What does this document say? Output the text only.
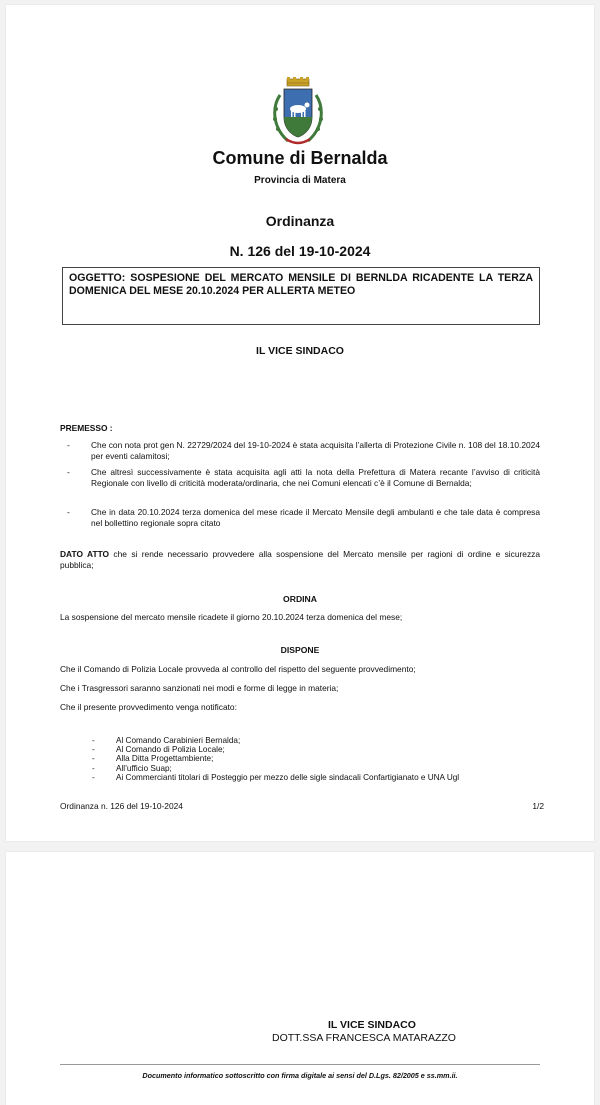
Comune di Bernalda
Provincia di Matera
Ordinanza
N. 126 del 19-10-2024
OGGETTO: SOSPESIONE DEL MERCATO MENSILE DI BERNLDA RICADENTE LA TERZA DOMENICA DEL MESE 20.10.2024 PER ALLERTA METEO
IL VICE SINDACO
PREMESSO :
-	Che con nota prot gen N. 22729/2024 del 19-10-2024 è stata acquisita l’allerta di Protezione Civile n. 108 del 18.10.2024 per eventi calamitosi;
-	Che altresì successivamente è stata acquisita agli atti la nota della Prefettura di Matera recante l’avviso di criticità Regionale con livello di criticità moderata/ordinaria, che nei Comuni elencati c’è il Comune di Bernalda;
-	Che in data 20.10.2024 terza domenica del mese ricade il Mercato Mensile degli ambulanti e che tale data è compresa nel bollettino regionale sopra citato
DATO ATTO che si rende necessario provvedere alla sospensione del Mercato mensile per ragioni di ordine e sicurezza pubblica;
ORDINA
La sospensione del mercato mensile ricadete il giorno 20.10.2024 terza domenica del mese;
DISPONE
Che il Comando di Polizia Locale provveda al controllo del rispetto del seguente provvedimento;
Che i Trasgressori saranno sanzionati nei modi e forme di legge in materia;
Che il presente provvedimento venga notificato:
-	Al Comando Carabinieri Bernalda;
-	Al Comando di Polizia Locale;
-	Alla Ditta Progettambiente;
-	All’ufficio Suap;
-	Ai Commercianti titolari di Posteggio per mezzo delle sigle sindacali Confartigianato e UNA Ugl
Ordinanza n. 126 del 19-10-2024	1/2
IL VICE SINDACO
DOTT.SSA FRANCESCA MATARAZZO
Documento informatico sottoscritto con firma digitale ai sensi del D.Lgs. 82/2005 e ss.mm.ii.
